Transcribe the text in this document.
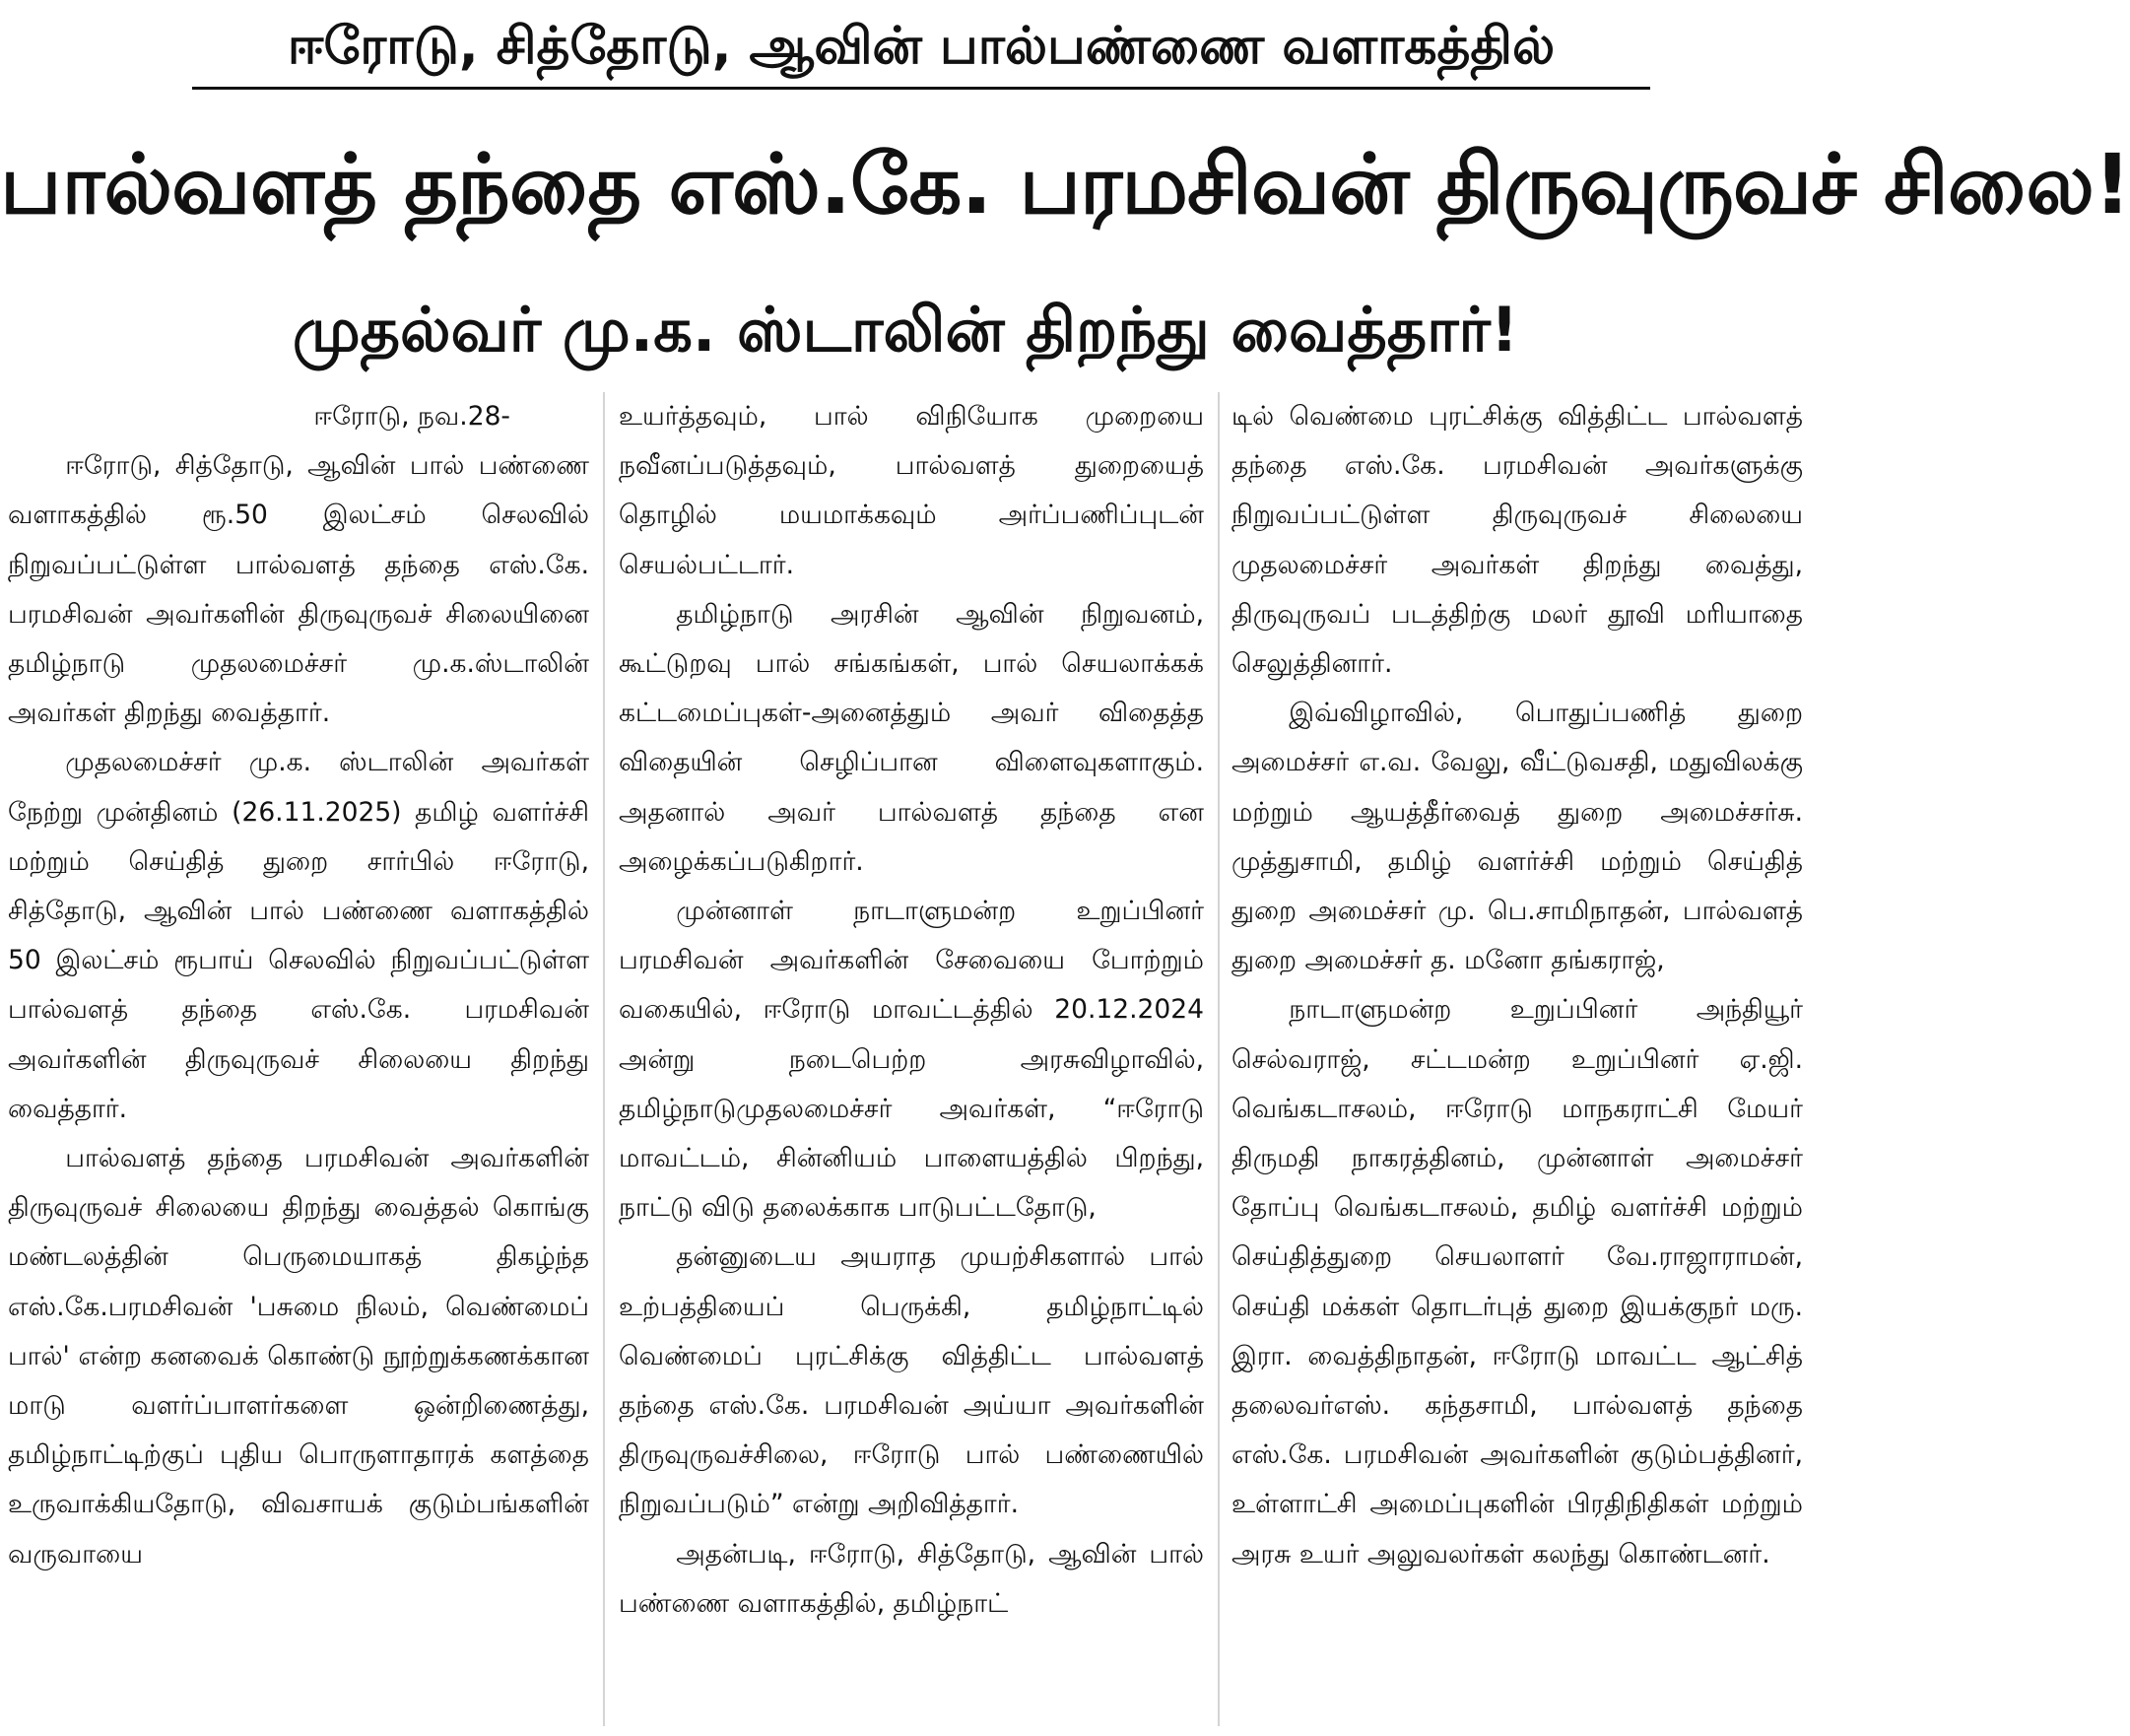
ஈரோடு, சித்தோடு, ஆவின் பால்பண்ணை வளாகத்தில்
பால்வளத் தந்தை எஸ்.கே. பரமசிவன் திருவுருவச் சிலை!
முதல்வர் மு.க. ஸ்டாலின் திறந்து வைத்தார்!

ஈரோடு, நவ.28-

ஈரோடு, சித்தோடு, ஆவின் பால் பண்ணை வளாகத்தில் ரூ.50 இலட்சம் செலவில் நிறுவப்பட்டுள்ள பால்வளத் தந்தை எஸ்.கே. பரமசிவன் அவர்களின் திருவுருவச் சிலையினை தமிழ்நாடு முதலமைச்சர் மு.க.ஸ்டாலின் அவர்கள் திறந்து வைத்தார்.

முதலமைச்சர் மு.க. ஸ்டாலின் அவர்கள் நேற்று முன்தினம் (26.11.2025) தமிழ் வளர்ச்சி மற்றும் செய்தித் துறை சார்பில் ஈரோடு, சித்தோடு, ஆவின் பால் பண்ணை வளாகத்தில் 50 இலட்சம் ரூபாய் செலவில் நிறுவப்பட்டுள்ள பால்வளத் தந்தை எஸ்.கே. பரமசிவன் அவர்களின் திருவுருவச் சிலையை திறந்து வைத்தார்.

பால்வளத் தந்தை பரமசிவன் அவர்களின் திருவுருவச் சிலையை திறந்து வைத்தல் கொங்கு மண்டலத்தின் பெருமையாகத் திகழ்ந்த எஸ்.கே.பரமசிவன் 'பசுமை நிலம், வெண்மைப் பால்' என்ற கனவைக் கொண்டு நூற்றுக்கணக்கான மாடு வளர்ப்பாளர்களை ஒன்றிணைத்து, தமிழ்நாட்டிற்குப் புதிய பொருளாதாரக் களத்தை உருவாக்கியதோடு, விவசாயக் குடும்பங்களின் வருவாயை

உயர்த்தவும், பால் விநியோக முறையை நவீனப்படுத்தவும், பால்வளத் துறையைத் தொழில் மயமாக்கவும் அர்ப்பணிப்புடன் செயல்பட்டார்.

தமிழ்நாடு அரசின் ஆவின் நிறுவனம், கூட்டுறவு பால் சங்கங்கள், பால் செயலாக்கக் கட்டமைப்புகள்-அனைத்தும் அவர் விதைத்த விதையின் செழிப்பான விளைவுகளாகும். அதனால் அவர் பால்வளத் தந்தை என அழைக்கப்படுகிறார்.

முன்னாள் நாடாளுமன்ற உறுப்பினர் பரமசிவன் அவர்களின் சேவையை போற்றும் வகையில், ஈரோடு மாவட்டத்தில் 20.12.2024 அன்று நடைபெற்ற அரசுவிழாவில், தமிழ்நாடுமுதலமைச்சர் அவர்கள், “ஈரோடு மாவட்டம், சின்னியம் பாளையத்தில் பிறந்து, நாட்டு விடு தலைக்காக பாடுபட்டதோடு,

தன்னுடைய அயராத முயற்சிகளால் பால் உற்பத்தியைப் பெருக்கி, தமிழ்நாட்டில் வெண்மைப் புரட்சிக்கு வித்திட்ட பால்வளத் தந்தை எஸ்.கே. பரமசிவன் அய்யா அவர்களின் திருவுருவச்சிலை, ஈரோடு பால் பண்ணையில் நிறுவப்படும்” என்று அறிவித்தார்.

அதன்படி, ஈரோடு, சித்தோடு, ஆவின் பால் பண்ணை வளாகத்தில், தமிழ்நாட்

டில் வெண்மை புரட்சிக்கு வித்திட்ட பால்வளத் தந்தை எஸ்.கே. பரமசிவன் அவர்களுக்கு நிறுவப்பட்டுள்ள திருவுருவச் சிலையை முதலமைச்சர் அவர்கள் திறந்து வைத்து, திருவுருவப் படத்திற்கு மலர் தூவி மரியாதை செலுத்தினார்.

இவ்விழாவில், பொதுப்பணித் துறை அமைச்சர் எ.வ. வேலு, வீட்டுவசதி, மதுவிலக்கு மற்றும் ஆயத்தீர்வைத் துறை அமைச்சர்சு. முத்துசாமி, தமிழ் வளர்ச்சி மற்றும் செய்தித் துறை அமைச்சர் மு. பெ.சாமிநாதன், பால்வளத் துறை அமைச்சர் த. மனோ தங்கராஜ்,

நாடாளுமன்ற உறுப்பினர் அந்தியூர் செல்வராஜ், சட்டமன்ற உறுப்பினர் ஏ.ஜி. வெங்கடாசலம், ஈரோடு மாநகராட்சி மேயர் திருமதி நாகரத்தினம், முன்னாள் அமைச்சர் தோப்பு வெங்கடாசலம், தமிழ் வளர்ச்சி மற்றும் செய்தித்துறை செயலாளர் வே.ராஜாராமன், செய்தி மக்கள் தொடர்புத் துறை இயக்குநர் மரு. இரா. வைத்திநாதன், ஈரோடு மாவட்ட ஆட்சித் தலைவர்எஸ். கந்தசாமி, பால்வளத் தந்தை எஸ்.கே. பரமசிவன் அவர்களின் குடும்பத்தினர், உள்ளாட்சி அமைப்புகளின் பிரதிநிதிகள் மற்றும் அரசு உயர் அலுவலர்கள் கலந்து கொண்டனர்.
